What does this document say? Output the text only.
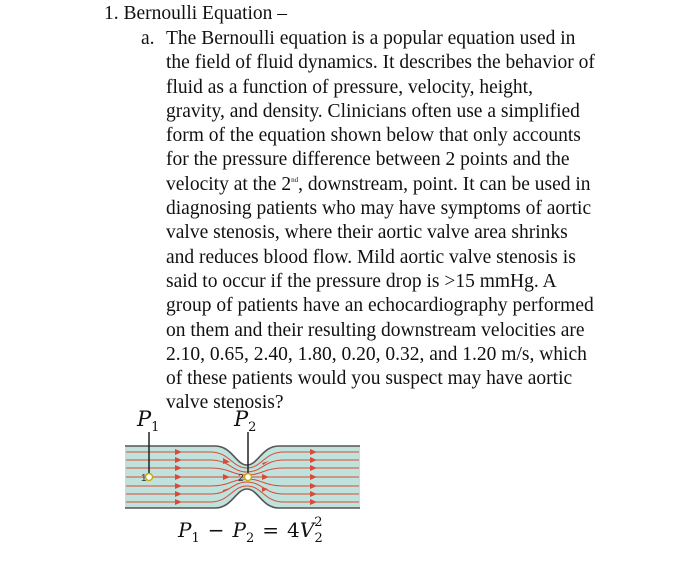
1. Bernoulli Equation –
a. The Bernoulli equation is a popular equation used in
the field of fluid dynamics. It describes the behavior of
fluid as a function of pressure, velocity, height,
gravity, and density. Clinicians often use a simplified
form of the equation shown below that only accounts
for the pressure difference between 2 points and the
velocity at the 2nd, downstream, point. It can be used in
diagnosing patients who may have symptoms of aortic
valve stenosis, where their aortic valve area shrinks
and reduces blood flow. Mild aortic valve stenosis is
said to occur if the pressure drop is >15 mmHg. A
group of patients have an echocardiography performed
on them and their resulting downstream velocities are
2.10, 0.65, 2.40, 1.80, 0.20, 0.32, and 1.20 m/s, which
of these patients would you suspect may have aortic
valve stenosis?
1	2
$P_1$	$P_2$
$P_1 - P_2 = 4V^2$ 2
